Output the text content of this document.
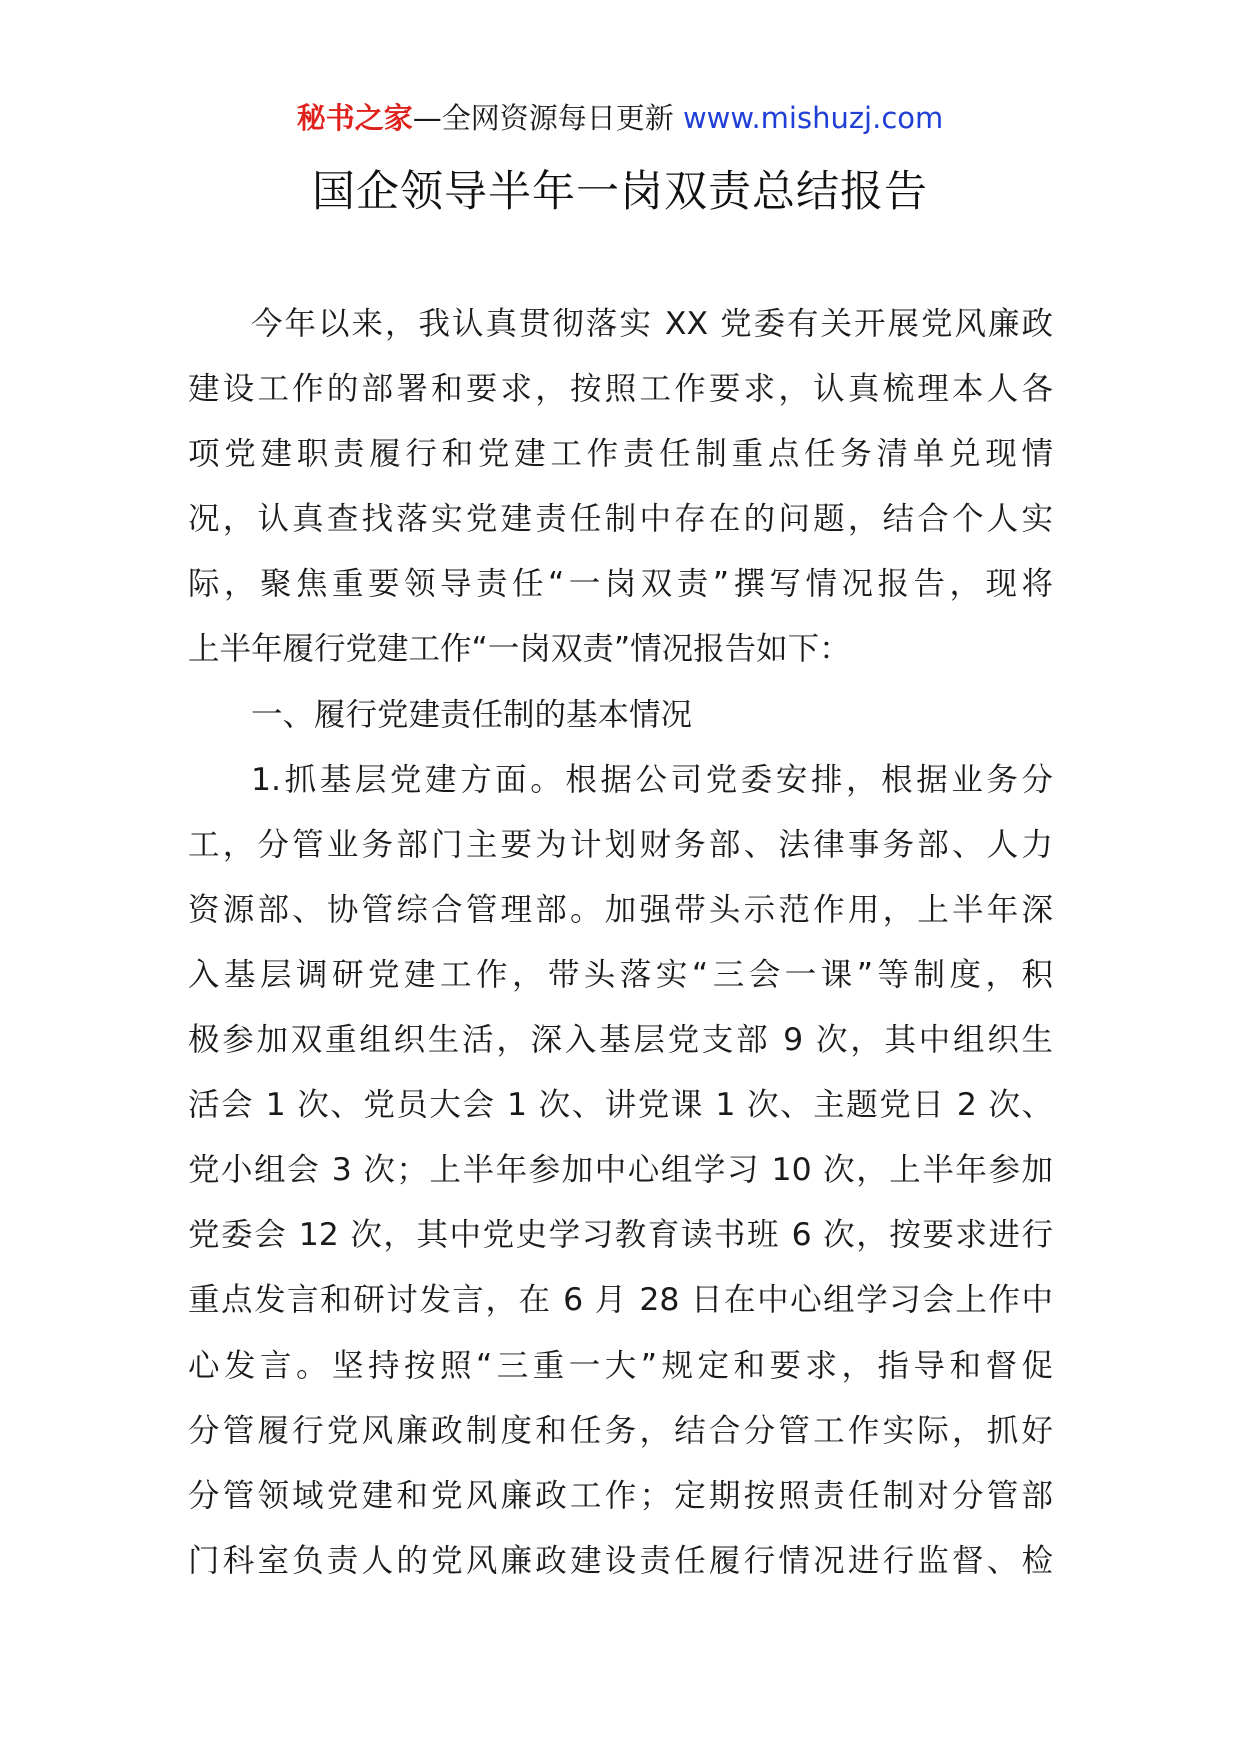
秘书之家—全网资源每日更新 www.mishuzj.com
国企领导半年一岗双责总结报告

今年以来，我认真贯彻落实 XX 党委有关开展党风廉政

建设工作的部署和要求，按照工作要求，认真梳理本人各

项党建职责履行和党建工作责任制重点任务清单兑现情

况，认真查找落实党建责任制中存在的问题，结合个人实

际，聚焦重要领导责任“一岗双责”撰写情况报告，现将

上半年履行党建工作“一岗双责”情况报告如下：

一、履行党建责任制的基本情况

1.抓基层党建方面。根据公司党委安排，根据业务分

工，分管业务部门主要为计划财务部、法律事务部、人力

资源部、协管综合管理部。加强带头示范作用，上半年深

入基层调研党建工作，带头落实“三会一课”等制度，积

极参加双重组织生活，深入基层党支部 9 次，其中组织生

活会 1 次、党员大会 1 次、讲党课 1 次、主题党日 2 次、

党小组会 3 次；上半年参加中心组学习 10 次，上半年参加

党委会 12 次，其中党史学习教育读书班 6 次，按要求进行

重点发言和研讨发言，在 6 月 28 日在中心组学习会上作中

心发言。坚持按照“三重一大”规定和要求，指导和督促

分管履行党风廉政制度和任务，结合分管工作实际，抓好

分管领域党建和党风廉政工作；定期按照责任制对分管部

门科室负责人的党风廉政建设责任履行情况进行监督、检
